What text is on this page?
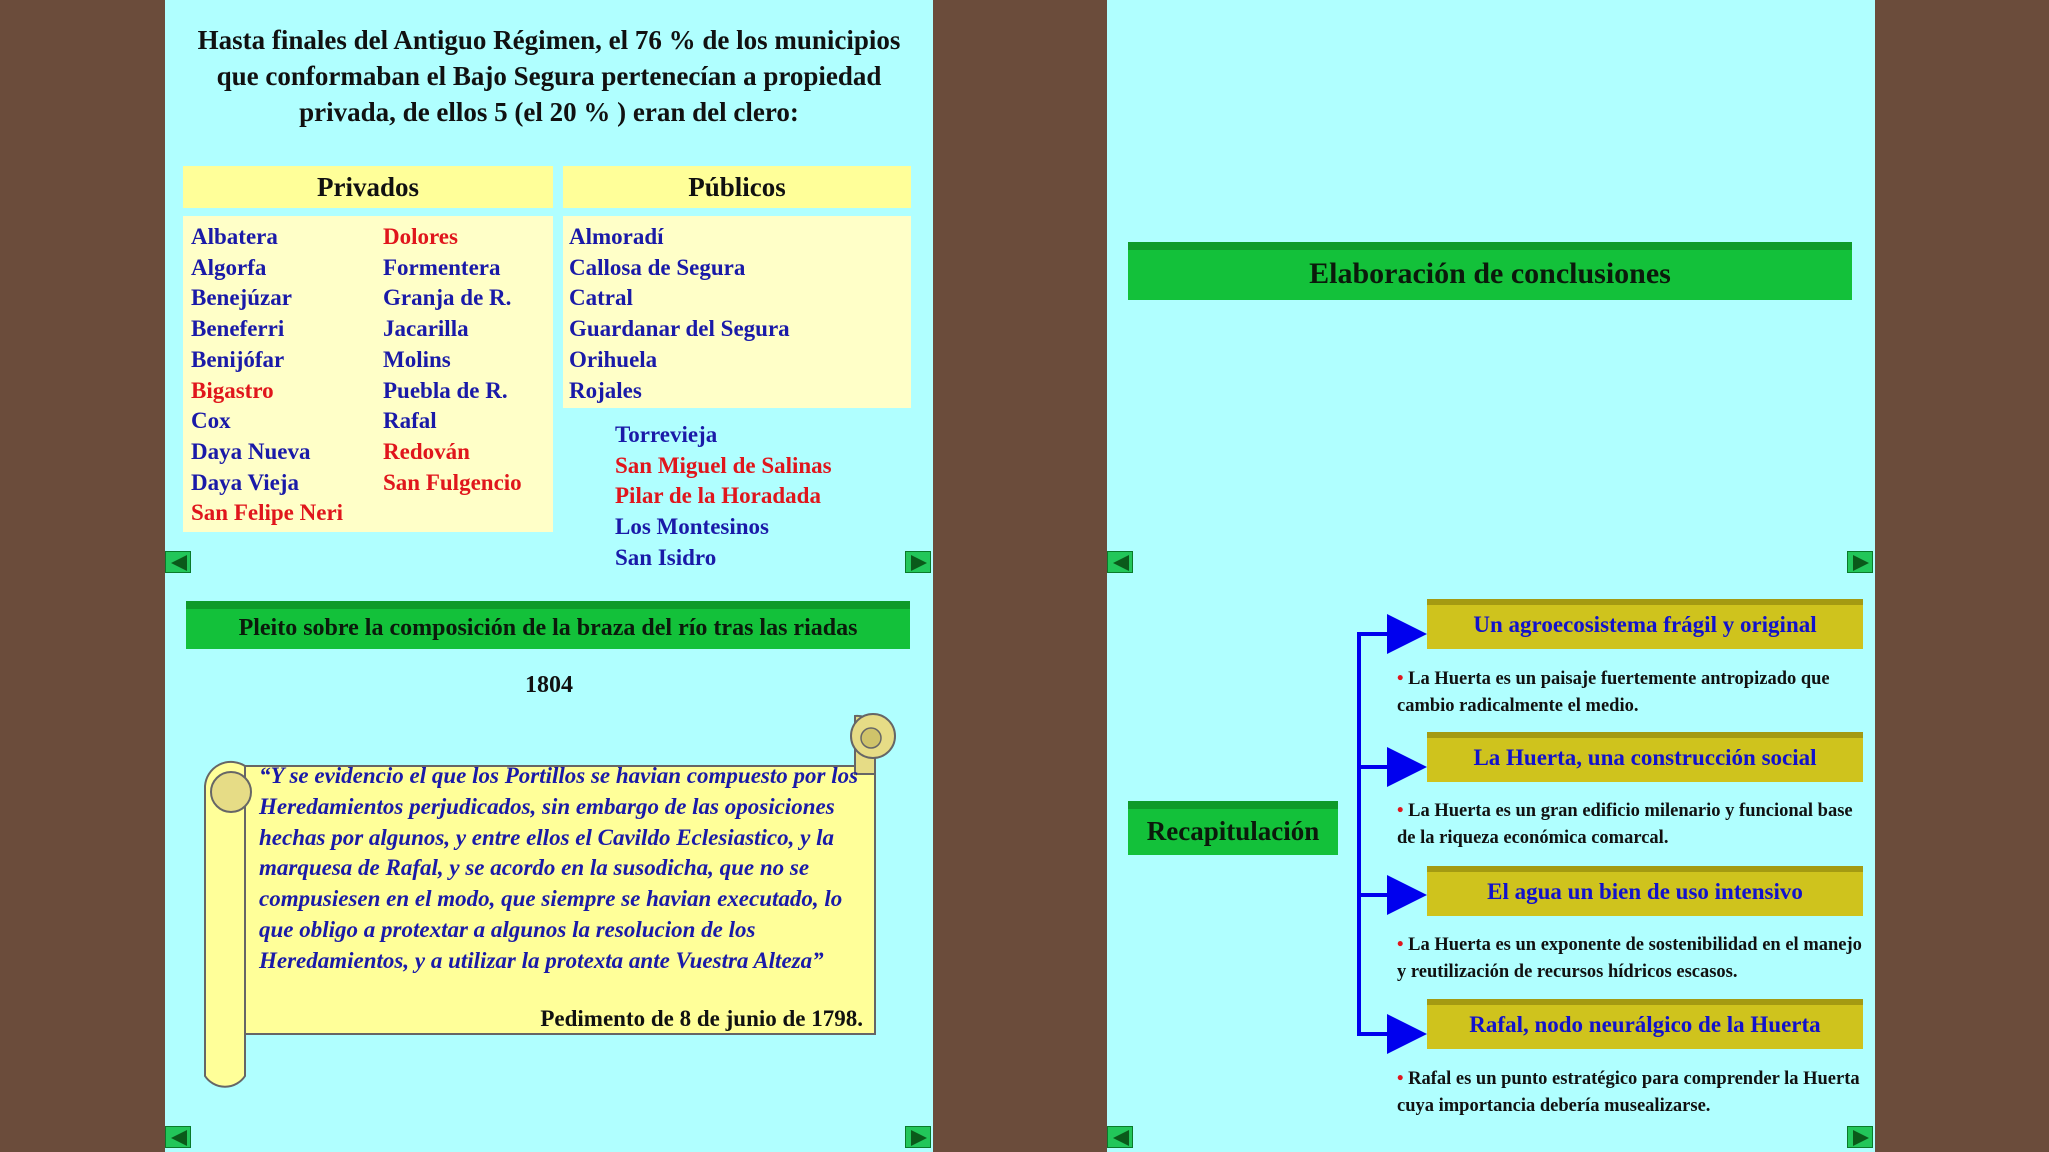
Hasta finales del Antiguo Régimen, el 76 % de los municipios que conformaban el Bajo Segura pertenecían a propiedad privada, de ellos 5 (el 20 % ) eran del clero:
Privados	Públicos
Albatera
Algorfa
Benejúzar
Beneferri
Benijófar
Bigastro
Cox
Daya Nueva
Daya Vieja
San Felipe Neri
Dolores
Formentera
Granja de R.
Jacarilla
Molins
Puebla de R.
Rafal
Redován
San Fulgencio
Almoradí
Callosa de Segura
Catral
Guardanar del Segura
Orihuela
Rojales
Torrevieja
San Miguel de Salinas
Pilar de la Horadada
Los Montesinos
San Isidro
Pleito sobre la composición de la braza del río tras las riadas
1804
“Y se evidencio el que los Portillos se havian compuesto por los Heredamientos perjudicados, sin embargo de las oposiciones hechas por algunos, y entre ellos el Cavildo Eclesiastico, y la marquesa de Rafal, y se acordo en la susodicha, que no se compusiesen en el modo, que siempre se havian executado, lo que obligo a protextar a algunos la resolucion de los Heredamientos, y a utilizar la protexta ante Vuestra Alteza”
Pedimento de 8 de junio de 1798.
Elaboración de conclusiones
Recapitulación
Un agroecosistema frágil y original
• La Huerta es un paisaje fuertemente antropizado que cambio radicalmente el medio.
La Huerta, una construcción social
• La Huerta es un gran edificio milenario y funcional base de la riqueza económica comarcal.
El agua un bien de uso intensivo
• La Huerta es un exponente de sostenibilidad en el manejo y reutilización de recursos hídricos escasos.
Rafal, nodo neurálgico de la Huerta
• Rafal es un punto estratégico para comprender la Huerta cuya importancia debería musealizarse.
